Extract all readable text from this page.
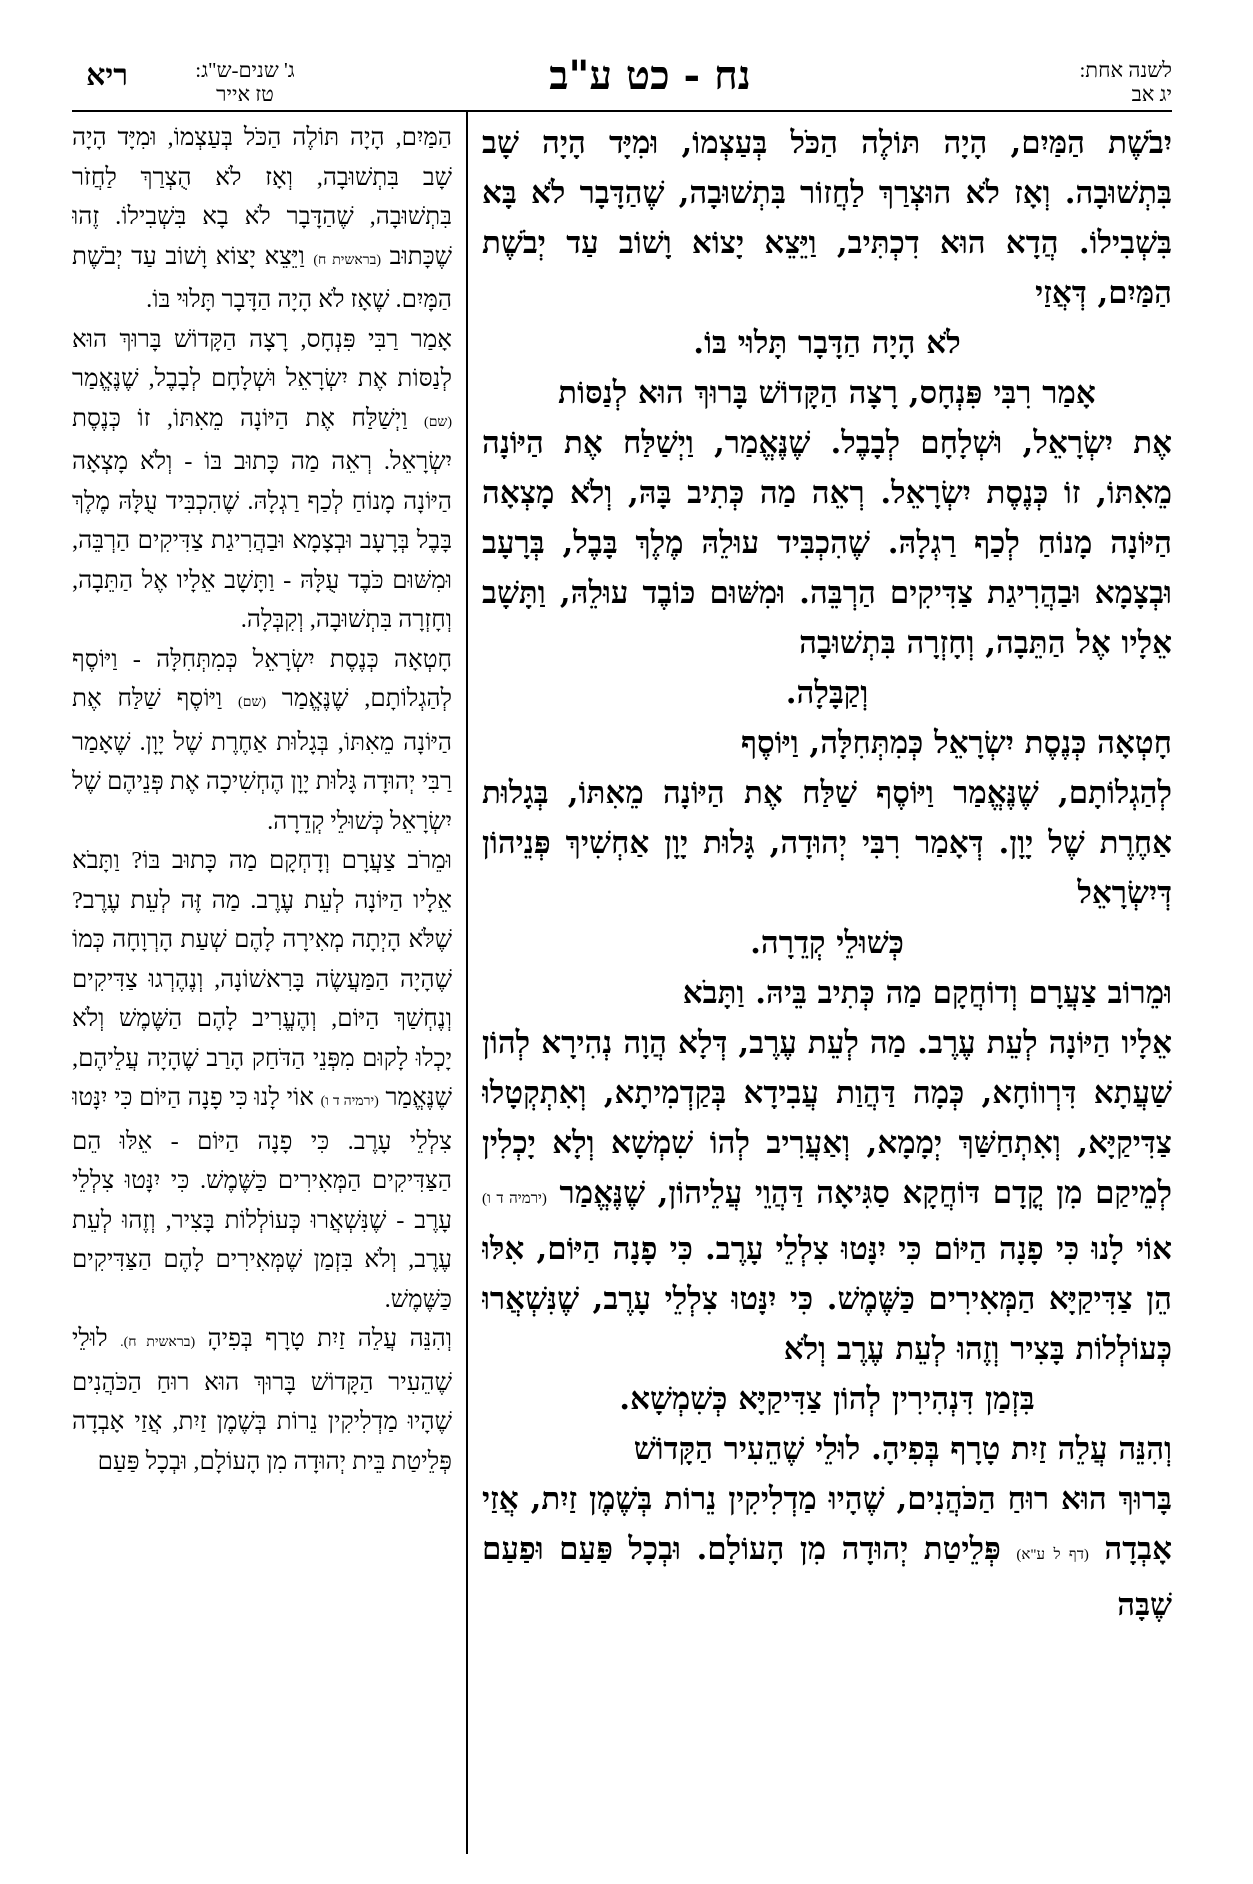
לשנה אחת:
יג אב
נח - כט ע"ב
ג' שנים-ש"ג:
טז אייר
ריא

יִבֹשֶׁת הַמַּיִם, הָיָה תּוֹלֶה הַכֹּל בְּעַצְמוֹ, וּמִיָּד הָיָה שָׁב בִּתְשׁוּבָה. וְאָז לֹא הוּצְרַךְ לַחֲזוֹר בִּתְשׁוּבָה, שֶׁהַדָּבָר לֹא בָּא בִּשְׁבִילוֹ. הֲדָא הוּא דִכְתִּיב, וַיֵּצֵא יָצוֹא וָשׁוֹב עַד יְבֹשֶׁת הַמַּיִם, דְּאֲזַי

לֹא הָיָה הַדָּבָר תָּלוּי בּוֹ.

אָמַר רִבִּי פִּנְחָס, רָצָה הַקָּדוֹשׁ בָּרוּךְ הוּא לְנַסּוֹת

אֶת יִשְׂרָאֵל, וּשְׁלָחָם לְבָבֶל. שֶׁנֶּאֱמַר, וַיְשַׁלַּח אֶת הַיּוֹנָה מֵאִתּוֹ, זוֹ כְּנֶסֶת יִשְׂרָאֵל. רְאֵה מַה כְּתִיב בָּהּ, וְלֹא מָצְאָה הַיּוֹנָה מָנוֹחַ לְכַף רַגְלָהּ. שֶׁהִכְבִּיד עוּלֵהּ מֶלֶךְ בָּבֶל, בְּרָעָב וּבְצָמָא וּבַהֲרִיגַת צַדִּיקִים הַרְבֵּה. וּמִשּׁוּם כּוֹבֶד עוּלֵהּ, וַתָּשָׁב אֵלָיו אֶל הַתֵּבָה, וְחָזְרָה בִּתְשׁוּבָה

וְקַבָּלָה.

חָטְאָה כְּנֶסֶת יִשְׂרָאֵל כְּמִתְּחִלָּה, וַיּוֹסֶף

לְהַגְלוֹתָם, שֶׁנֶּאֱמַר וַיּוֹסֶף שַׁלַּח אֶת הַיּוֹנָה מֵאִתּוֹ, בְּגָלוּת אַחֶרֶת שֶׁל יָוָן. דְּאָמַר רִבִּי יְהוּדָה, גָּלוּת יָוָן אַחְשִׁיךְ פְּנֵיהוֹן דְּיִשְׂרָאֵל

כְּשׁוּלֵי קְדֵרָה.

וּמֵרוֹב צַעֲרָם וְדוֹחֲקָם מַה כְּתִיב בֵּיהּ. וַתָּבֹא

אֵלָיו הַיּוֹנָה לְעֵת עֶרֶב. מַה לְעֵת עֶרֶב, דְּלָא הֲוָה נְהִירָא לְהוֹן שַׁעֲתָא דִּרְווֹחָא, כְּמָה דַּהֲוַת עֲבִידָא בְּקַדְמִיתָא, וְאִתְקְטָלוּ צַדִּיקַיָּא, וְאִתְחַשַּׁךְ יְמָמָא, וְאַעֲרִיב לְהוֹ שִׁמְשָׁא וְלָא יָכְלִין לְמֵיקַם מִן קֳדָם דּוֹחֲקָא סַגִּיאָה דַּהֲוֵי עֲלֵיהוֹן, שֶׁנֶּאֱמַר (ירמיה ד ו) אוֹי לָנוּ כִּי פָנָה הַיּוֹם כִּי יִנָּטוּ צִלְלֵי עָרֶב. כִּי פָנָה הַיּוֹם, אִלּוּ הֵן צַדִּיקַיָּא הַמְּאִירִים כַּשֶּׁמֶשׁ. כִּי יִנָּטוּ צִלְלֵי עָרֶב, שֶׁנִּשְׁאֲרוּ כְּעוֹלְלוֹת בָּצִיר וְזֶהוּ לְעֵת עֶרֶב וְלֹא

בִּזְמַן דִּנְהִירִין לְהוֹן צַדִּיקַיָּא כְּשִׁמְשָׁא.

וְהִנֵּה עֲלֵה זַיִת טָרָף בְּפִיהָ. לוּלֵי שֶׁהֵעִיר הַקָּדוֹשׁ

בָּרוּךְ הוּא רוּחַ הַכֹּהֲנִים, שֶׁהָיוּ מַדְלִיקִין נֵרוֹת בְּשֶׁמֶן זַיִת, אֲזַי אָבְדָה (דף ל ע"א) פְּלֵיטַת יְהוּדָה מִן הָעוֹלָם. וּבְכָל פַּעַם וּפַעַם שֶׁבָּה

הַמַּיִם, הָיָה תּוֹלֶה הַכֹּל בְּעַצְמוֹ, וּמִיָּד הָיָה שָׁב בִּתְשׁוּבָה, וְאָז לֹא הֻצְרַךְ לַחֲזֹר בִּתְשׁוּבָה, שֶׁהַדָּבָר לֹא בָא בִּשְׁבִילוֹ. זֶהוּ שֶׁכָּתוּב (בראשית ח) וַיֵּצֵא יָצוֹא וָשׁוֹב עַד יְבֹשֶׁת הַמָּיִם. שֶׁאָז לֹא הָיָה הַדָּבָר תָּלוּי בּוֹ.

אָמַר רַבִּי פִּנְחָס, רָצָה הַקָּדוֹשׁ בָּרוּךְ הוּא לְנַסּוֹת אֶת יִשְׂרָאֵל וּשְׁלָחָם לְבָבֶל, שֶׁנֶּאֱמַר (שם) וַיְשַׁלַּח אֶת הַיּוֹנָה מֵאִתּוֹ, זוֹ כְּנֶסֶת יִשְׂרָאֵל. רְאֵה מַה כָּתוּב בּוֹ - וְלֹא מָצְאָה הַיּוֹנָה מָנוֹחַ לְכַף רַגְלָהּ. שֶׁהִכְבִּיד עֻלָּהּ מֶלֶךְ בָּבֶל בְּרָעָב וּבְצָמָא וּבַהֲרִיגַת צַדִּיקִים הַרְבֵּה, וּמִשּׁוּם כֹּבֶד עֻלָּהּ - וַתָּשָׁב אֵלָיו אֶל הַתֵּבָה, וְחָזְרָה בִּתְשׁוּבָה, וְקִבְּלָה.

חָטְאָה כְּנֶסֶת יִשְׂרָאֵל כְּמִתְּחִלָּה - וַיּוֹסֶף לְהַגְלוֹתָם, שֶׁנֶּאֱמַר (שם) וַיּוֹסֶף שַׁלַּח אֶת הַיּוֹנָה מֵאִתּוֹ, בְּגָלוּת אַחֶרֶת שֶׁל יָוָן. שֶׁאָמַר רַבִּי יְהוּדָה גָּלוּת יָוָן הֶחְשִׁיכָה אֶת פְּנֵיהֶם שֶׁל יִשְׂרָאֵל כְּשׁוּלֵי קְדֵרָה.

וּמֵרֹב צַעֲרָם וְדָחְקָם מַה כָּתוּב בּוֹ? וַתָּבֹא אֵלָיו הַיּוֹנָה לְעֵת עֶרֶב. מַה זֶּה לְעֵת עֶרֶב? שֶׁלֹּא הָיְתָה מְאִירָה לָהֶם שְׁעַת הָרְוָחָה כְּמוֹ שֶׁהָיָה הַמַּעֲשֶׂה בָּרִאשׁוֹנָה, וְנֶהֶרְגוּ צַדִּיקִים וְנֶחְשַׁךְ הַיּוֹם, וְהֶעֱרִיב לָהֶם הַשֶּׁמֶשׁ וְלֹא יָכְלוּ לָקוּם מִפְּנֵי הַדֹּחַק הָרַב שֶׁהָיָה עֲלֵיהֶם, שֶׁנֶּאֱמַר (ירמיה ד ו) אוֹי לָנוּ כִּי פָנָה הַיּוֹם כִּי יִנָּטוּ צִלְלֵי עָרֶב. כִּי פָנָה הַיּוֹם - אֵלּוּ הֵם הַצַּדִּיקִים הַמְּאִירִים כַּשֶּׁמֶשׁ. כִּי יִנָּטוּ צִלְלֵי עָרֶב - שֶׁנִּשְׁאֲרוּ כְּעוֹלְלוֹת בָּצִיר, וְזֶהוּ לְעֵת עֶרֶב, וְלֹא בִּזְמַן שֶׁמְּאִירִים לָהֶם הַצַּדִּיקִים כַּשֶּׁמֶשׁ.

וְהִנֵּה עֲלֵה זַיִת טָרָף בְּפִיהָ (בראשית ח). לוּלֵי שֶׁהֵעִיר הַקָּדוֹשׁ בָּרוּךְ הוּא רוּחַ הַכֹּהֲנִים שֶׁהָיוּ מַדְלִיקִין נֵרוֹת בְּשֶׁמֶן זַיִת, אֲזַי אָבְדָה פְּלֵיטַת בֵּית יְהוּדָה מִן הָעוֹלָם, וּבְכָל פַּעַם
